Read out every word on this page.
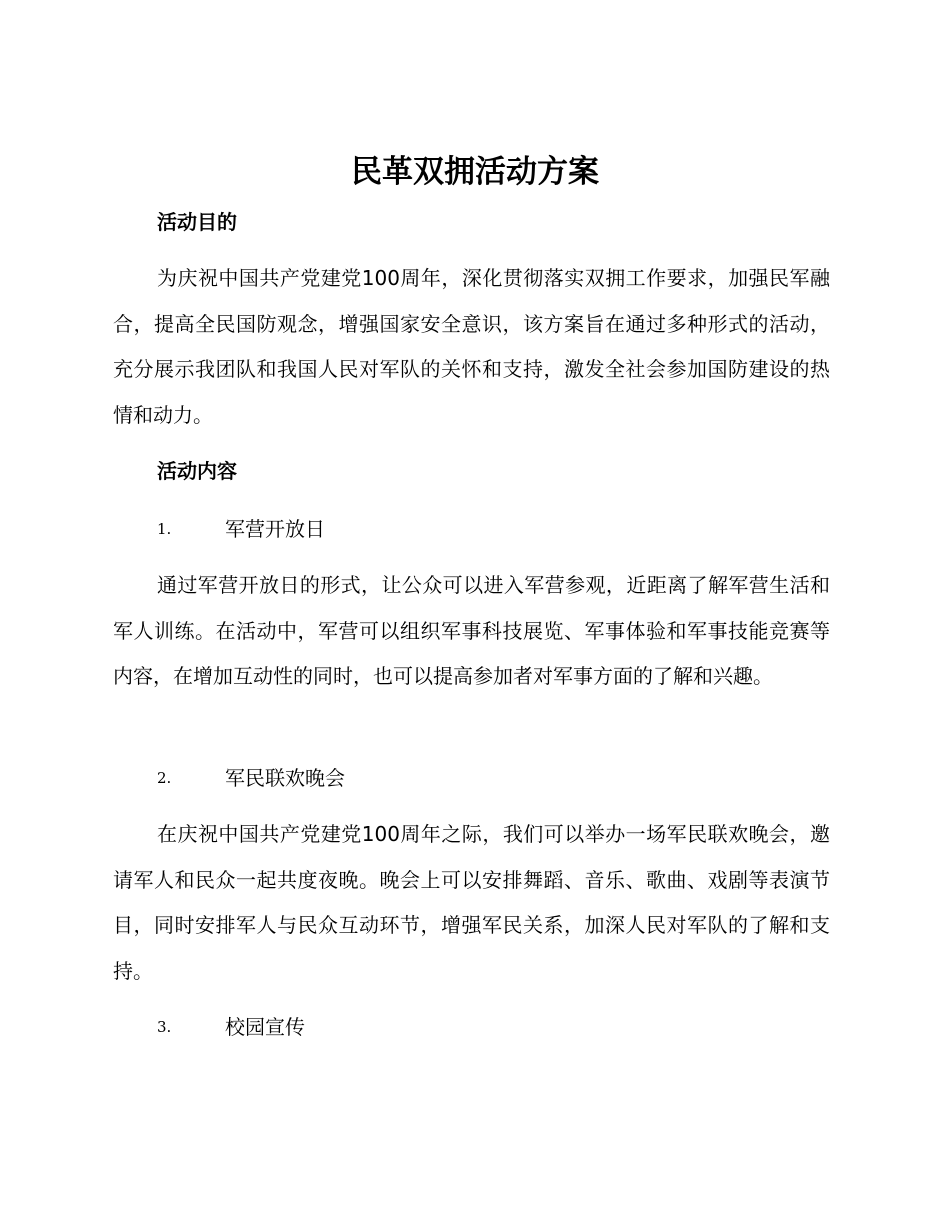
民革双拥活动方案
活动目的

为庆祝中国共产党建党100周年，深化贯彻落实双拥工作要求，加强民军融合，提高全民国防观念，增强国家安全意识，该方案旨在通过多种形式的活动，充分展示我团队和我国人民对军队的关怀和支持，激发全社会参加国防建设的热情和动力。

活动内容
1.	军营开放日

通过军营开放日的形式，让公众可以进入军营参观，近距离了解军营生活和军人训练。在活动中，军营可以组织军事科技展览、军事体验和军事技能竞赛等内容，在增加互动性的同时，也可以提高参加者对军事方面的了解和兴趣。

2.	军民联欢晚会

在庆祝中国共产党建党100周年之际，我们可以举办一场军民联欢晚会，邀请军人和民众一起共度夜晚。晚会上可以安排舞蹈、音乐、歌曲、戏剧等表演节目，同时安排军人与民众互动环节，增强军民关系，加深人民对军队的了解和支持。

3.	校园宣传
